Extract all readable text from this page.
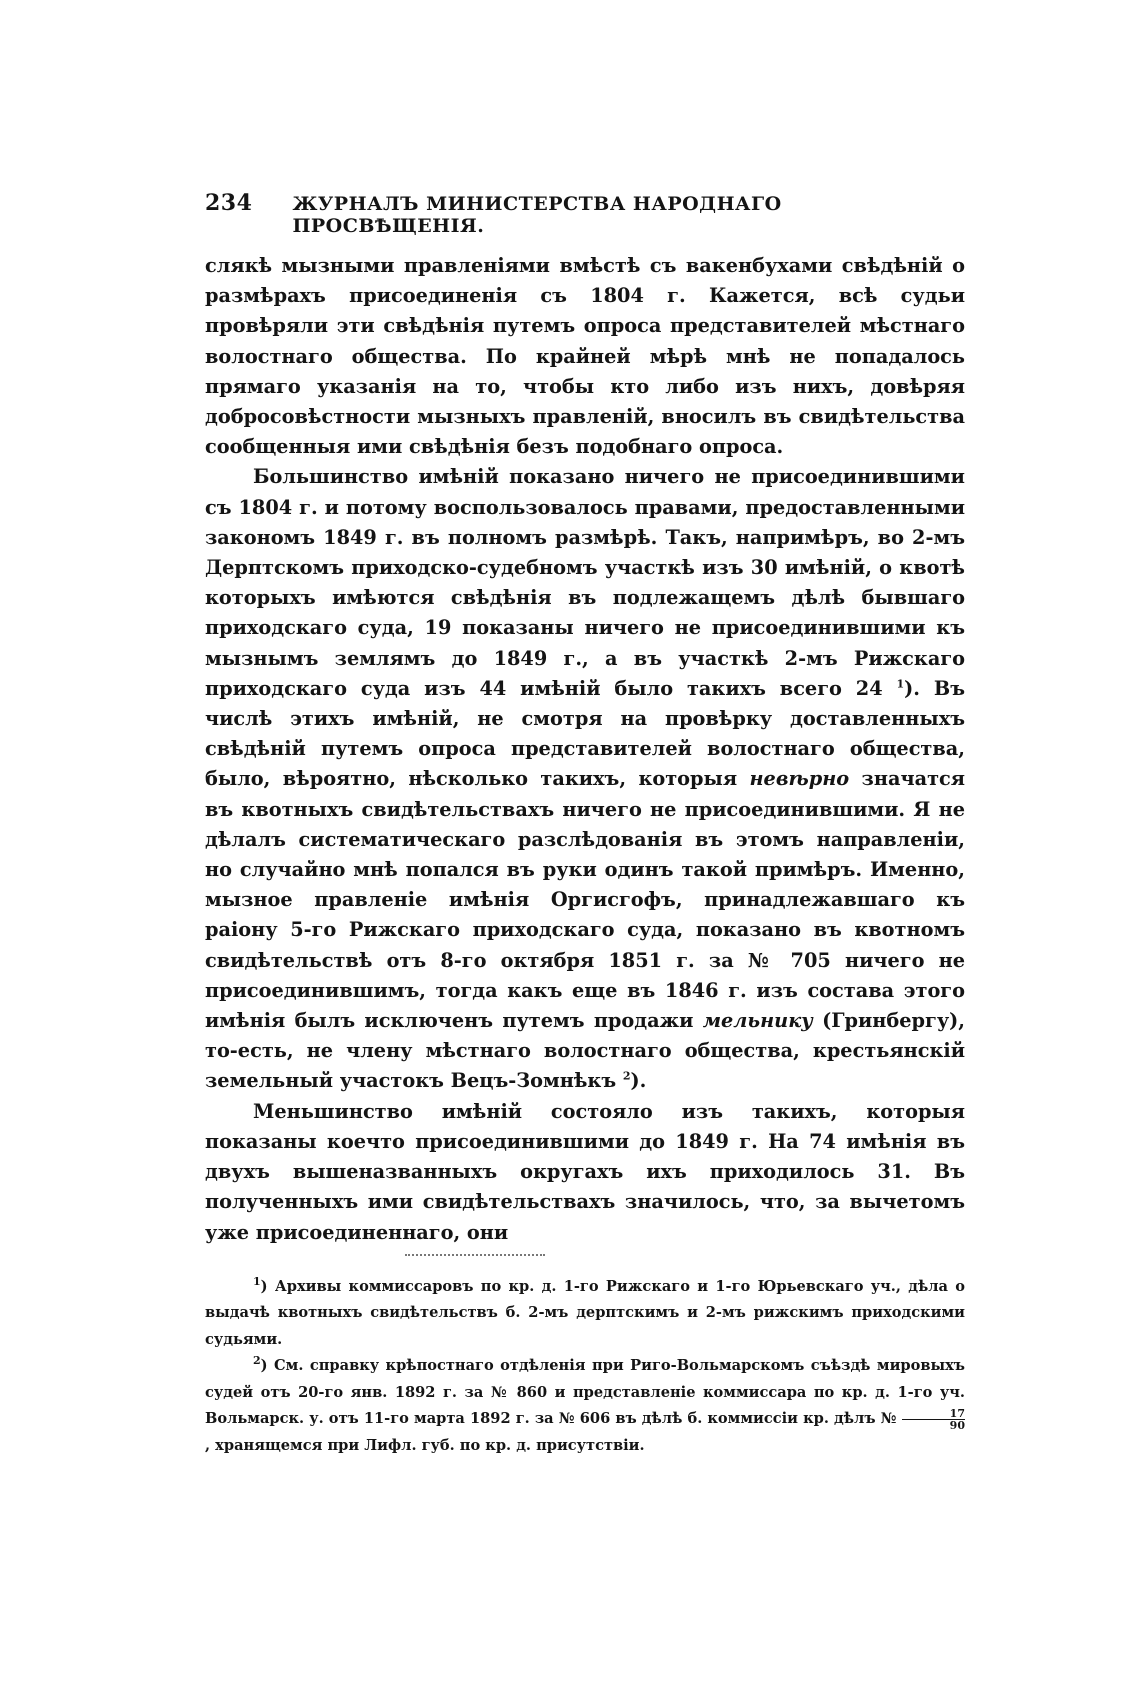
234 ЖУРНАЛЪ МИНИСТЕРСТВА НАРОДНАГО ПРОСВѢЩЕНІЯ.

слякѣ мызными правленіями вмѣстѣ съ вакенбухами свѣдѣній о размѣрахъ присоединенія съ 1804 г. Кажется, всѣ судьи провѣряли эти свѣдѣнія путемъ опроса представителей мѣстнаго волостнаго общества. По крайней мѣрѣ мнѣ не попадалось прямаго указанія на то, чтобы кто либо изъ нихъ, довѣряя добросовѣстности мызныхъ правленій, вносилъ въ свидѣтельства сообщенныя ими свѣдѣнія безъ подобнаго опроса.

Большинство имѣній показано ничего не присоединившими съ 1804 г. и потому воспользовалось правами, предоставленными закономъ 1849 г. въ полномъ размѣрѣ. Такъ, напримѣръ, во 2-мъ Дерптскомъ приходско-судебномъ участкѣ изъ 30 имѣній, о квотѣ которыхъ имѣются свѣдѣнія въ подлежащемъ дѣлѣ бывшаго приходскаго суда, 19 показаны ничего не присоединившими къ мызнымъ землямъ до 1849 г., а въ участкѣ 2-мъ Рижскаго приходскаго суда изъ 44 имѣній было такихъ всего 24 $^1$). Въ числѣ этихъ имѣній, не смотря на провѣрку доставленныхъ свѣдѣній путемъ опроса представителей волостнаго общества, было, вѣроятно, нѣсколько такихъ, которыя невѣрно значатся въ квотныхъ свидѣтельствахъ ничего не присоединившими. Я не дѣлалъ систематическаго разслѣдованія въ этомъ направленіи, но случайно мнѣ попался въ руки одинъ такой примѣръ. Именно, мызное правленіе имѣнія Оргисгофъ, принадлежавшаго къ раіону 5-го Рижскаго приходскаго суда, показано въ квотномъ свидѣтельствѣ отъ 8-го октября 1851 г. за № 705 ничего не присоединившимъ, тогда какъ еще въ 1846 г. изъ состава этого имѣнія былъ исключенъ путемъ продажи мельнику (Гринбергу), то-есть, не члену мѣстнаго волостнаго общества, крестьянскій земельный участокъ Вецъ-Зомнѣкъ $^2$).

Меньшинство имѣній состояло изъ такихъ, которыя показаны коечто присоединившими до 1849 г. На 74 имѣнія въ двухъ вышеназванныхъ округахъ ихъ приходилось 31. Въ полученныхъ ими свидѣтельствахъ значилось, что, за вычетомъ уже присоединеннаго, они

$^1$) Архивы коммиссаровъ по кр. д. 1-го Рижскаго и 1-го Юрьевскаго уч., дѣла о выдачѣ квотныхъ свидѣтельствъ б. 2-мъ дерптскимъ и 2-мъ рижскимъ приходскими судьями.

$^2$) См. справку крѣпостнаго отдѣленія при Риго-Вольмарскомъ съѣздѣ мировыхъ судей отъ 20-го янв. 1892 г. за № 860 и представленіе коммиссара по кр. д. 1-го уч. Вольмарск. у. отъ 11-го марта 1892 г. за № 606 въ дѣлѣ б. коммиссіи кр. дѣлъ № $\frac{17}{90}$
, хранящемся при Лифл. губ. по кр. д. присутствіи.
